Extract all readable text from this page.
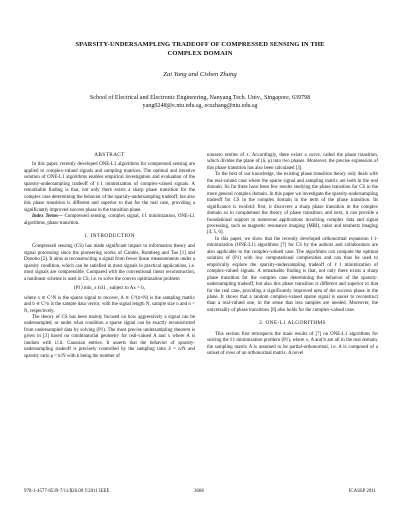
SPARSITY-UNDERSAMPLING TRADEOFF OF COMPRESSED SENSING IN THE
COMPLEX DOMAIN
Zai Yang and Cishen Zhang
School of Electrical and Electronic Engineering, Nanyang Tech. Univ., Singapore, 639798
yang0248@e.ntu.edu.sg, ecszhang@ntu.edu.sg
ABSTRACT

In this paper, recently developed ONE-L1 algorithms for compressed sensing are applied to complex-valued signals and sampling matrices. The optimal and iterative solution of ONE-L1 algorithms enables empirical investigation and evaluation of the sparsity-undersampling tradeoff of ℓ1 minimization of complex-valued signals. A remarkable finding is that, not only there exists a sharp phase transition for the complex case determining the behavior of the sparsity-undersampling tradeoff, but also this phase transition is different and superior to that for the real case, providing a significantly improved success phase in the transition plane.

Index Terms— Compressed sensing, complex signal, ℓ1 minimization, ONE-L1 algorithms, phase transition.

1. INTRODUCTION

Compressed sensing (CS) has made significant impact to information theory and signal processing since the pioneering works of Candès, Romberg and Tao [1] and Donoho [2]. It aims at reconstructing a signal from fewer linear measurements under a sparsity condition, which can be satisfied in most signals in practical applications, i.e. most signals are compressible. Compared with the conventional linear reconstruction, a nonlinear scheme is used in CS, i.e. to solve the convex optimization problem

(P1) min_x ‖x‖1 , subject to Ax = b,

where x ∈ C^N is the sparse signal to recover, A ∈ C^(n×N) is the sampling matrix and b ∈ C^n is the sample data vector, with the signal length N, sample size n and n < N, respectively.

The theory of CS has been mainly focused on how aggressively a signal can be undersampled, or under what condition a sparse signal can be exactly reconstructed from undersampled data by solving (P1). The most precise undersampling theorem is given in [3] based on combinatorial geometry for real-valued A and x where A is random with i.i.d. Gaussian entries. It asserts that the behavior of sparsity-undersampling tradeoff is precisely controlled by the sampling ratio δ = n/N and sparsity ratio ρ = k/N with k being the number of

nonzero entries of x. Accordingly, there exists a curve, called the phase transition, which divides the plane of (δ, ρ) into two phases. Moreover, the precise expression of this phase transition has also been calculated [3].

To the best of our knowledge, the existing phase transition theory only deals with the real-valued case where the sparse signal and sampling matrix are both in the real domain. So far there have been few results studying the phase transition for CS in the more general complex domain. In this paper we investigate the sparsity-undersampling tradeoff for CS in the complex domain in the term of the phase transition. Its significance is twofold: first, it discovers a sharp phase transition in the complex domain so to complement the theory of phase transition; and next, it can provide a foundational support to numerous applications involving complex data and signal processing, such as magnetic resonance imaging (MRI), radar and terahertz imaging [4, 5, 6].

In this paper, we show that the recently developed orthonormal expansion ℓ1-minimization (ONE-L1) algorithms [7] for CS by the authors and collaborators are also applicable to the complex-valued case. The algorithms can compute the optimal solution of (P1) with low computational complexities and can thus be used to empirically explore the sparsity-undersampling tradeoff of ℓ1 minimization of complex-valued signals. A remarkable finding is that, not only there exists a sharp phase transition for the complex case determining the behavior of the sparsity-undersampling tradeoff, but also this phase transition is different and superior to that for the real case, providing a significantly improved area of the success phase in the plane. It shows that a random complex-valued sparse signal is easier to reconstruct than a real-valued one, in the sense that less samples are needed. Moreover, the universality of phase transitions [8] also holds for the complex-valued case.

2. ONE-L1 ALGORITHMS

This section first retrospects the main results of [7] on ONE-L1 algorithms for solving the ℓ1 minimization problem (P1), where x, A and b are all in the real domain, the sampling matrix A is assumed to be partial-orthonormal, i.e. A is composed of a subset of rows of an orthonormal matrix. A novel

978-1-4577-0539-7/11/$26.00 ©2011 IEEE	3668	ICASSP 2011
